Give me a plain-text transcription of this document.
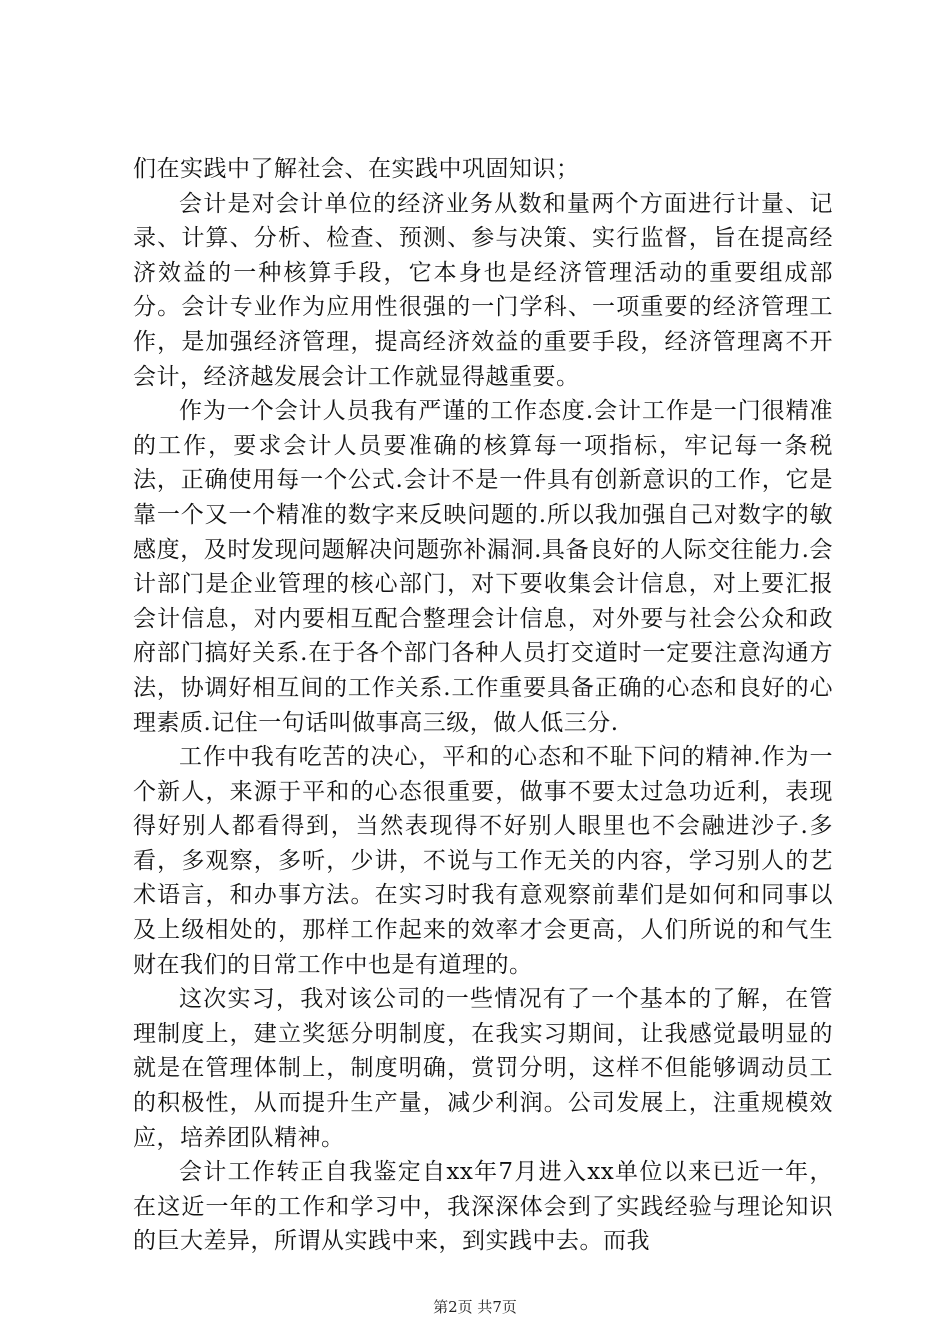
们在实践中了解社会、在实践中巩固知识；

会计是对会计单位的经济业务从数和量两个方面进行计量、记录、计算、分析、检查、预测、参与决策、实行监督，旨在提高经济效益的一种核算手段，它本身也是经济管理活动的重要组成部分。会计专业作为应用性很强的一门学科、一项重要的经济管理工作，是加强经济管理，提高经济效益的重要手段，经济管理离不开会计，经济越发展会计工作就显得越重要。

作为一个会计人员我有严谨的工作态度.会计工作是一门很精准的工作，要求会计人员要准确的核算每一项指标，牢记每一条税法，正确使用每一个公式.会计不是一件具有创新意识的工作，它是靠一个又一个精准的数字来反映问题的.所以我加强自己对数字的敏感度，及时发现问题解决问题弥补漏洞.具备良好的人际交往能力.会计部门是企业管理的核心部门，对下要收集会计信息，对上要汇报会计信息，对内要相互配合整理会计信息，对外要与社会公众和政府部门搞好关系.在于各个部门各种人员打交道时一定要注意沟通方法，协调好相互间的工作关系.工作重要具备正确的心态和良好的心理素质.记住一句话叫做事高三级，做人低三分.

工作中我有吃苦的决心，平和的心态和不耻下问的精神.作为一个新人，来源于平和的心态很重要，做事不要太过急功近利，表现得好别人都看得到，当然表现得不好别人眼里也不会融进沙子.多看，多观察，多听，少讲，不说与工作无关的内容，学习别人的艺术语言，和办事方法。在实习时我有意观察前辈们是如何和同事以及上级相处的，那样工作起来的效率才会更高，人们所说的和气生财在我们的日常工作中也是有道理的。

这次实习，我对该公司的一些情况有了一个基本的了解，在管理制度上，建立奖惩分明制度，在我实习期间，让我感觉最明显的就是在管理体制上，制度明确，赏罚分明，这样不但能够调动员工的积极性，从而提升生产量，减少利润。公司发展上，注重规模效应，培养团队精神。

会计工作转正自我鉴定自xx年7月进入xx单位以来已近一年，在这近一年的工作和学习中，我深深体会到了实践经验与理论知识的巨大差异，所谓从实践中来，到实践中去。而我

第2页 共7页
